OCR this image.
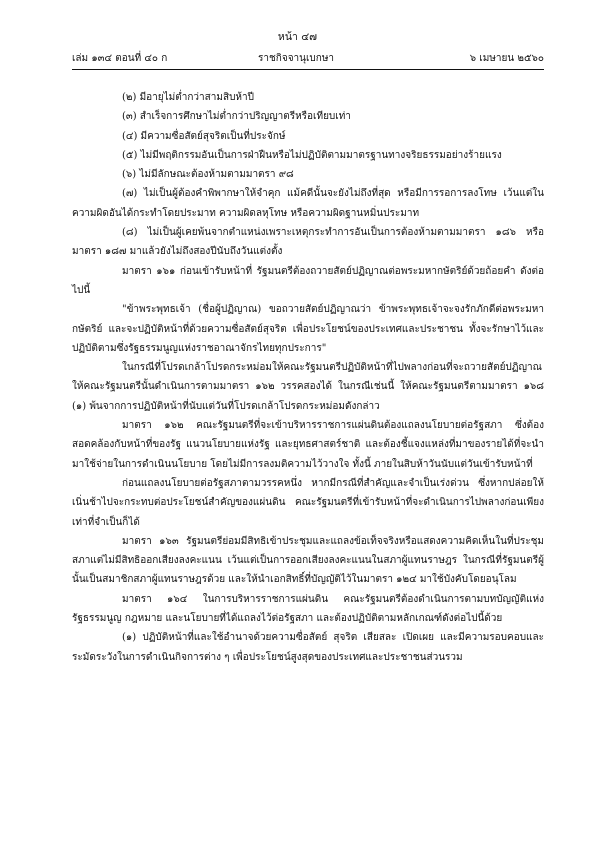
หน้า ๔๗
เล่ม ๑๓๔ ตอนที่ ๔๐ ก	ราชกิจจานุเบกษา	๖ เมษายน ๒๕๖๐

(๒) มีอายุไม่ต่ำกว่าสามสิบห้าปี

(๓) สำเร็จการศึกษาไม่ต่ำกว่าปริญญาตรีหรือเทียบเท่า

(๔) มีความซื่อสัตย์สุจริตเป็นที่ประจักษ์

(๕) ไม่มีพฤติกรรมอันเป็นการฝ่าฝืนหรือไม่ปฏิบัติตามมาตรฐานทางจริยธรรมอย่างร้ายแรง

(๖) ไม่มีลักษณะต้องห้ามตามมาตรา ๙๘

(๗) ไม่เป็นผู้ต้องคำพิพากษาให้จำคุก แม้คดีนั้นจะยังไม่ถึงที่สุด หรือมีการรอการลงโทษ เว้นแต่ในความผิดอันได้กระทำโดยประมาท ความผิดลหุโทษ หรือความผิดฐานหมิ่นประมาท

(๘) ไม่เป็นผู้เคยพ้นจากตำแหน่งเพราะเหตุกระทำการอันเป็นการต้องห้ามตามมาตรา ๑๘๖ หรือมาตรา ๑๘๗ มาแล้วยังไม่ถึงสองปีนับถึงวันแต่งตั้ง

มาตรา ๑๖๑ ก่อนเข้ารับหน้าที่ รัฐมนตรีต้องถวายสัตย์ปฏิญาณต่อพระมหากษัตริย์ด้วยถ้อยคำ ดังต่อไปนี้

"ข้าพระพุทธเจ้า (ชื่อผู้ปฏิญาณ) ขอถวายสัตย์ปฏิญาณว่า ข้าพระพุทธเจ้าจะจงรักภักดีต่อพระมหากษัตริย์ และจะปฏิบัติหน้าที่ด้วยความซื่อสัตย์สุจริต เพื่อประโยชน์ของประเทศและประชาชน ทั้งจะรักษาไว้และปฏิบัติตามซึ่งรัฐธรรมนูญแห่งราชอาณาจักรไทยทุกประการ"

ในกรณีที่โปรดเกล้าโปรดกระหม่อมให้คณะรัฐมนตรีปฏิบัติหน้าที่ไปพลางก่อนที่จะถวายสัตย์ปฏิญาณ ให้คณะรัฐมนตรีนั้นดำเนินการตามมาตรา ๑๖๒ วรรคสองได้ ในกรณีเช่นนี้ ให้คณะรัฐมนตรีตามมาตรา ๑๖๘ (๑) พ้นจากการปฏิบัติหน้าที่นับแต่วันที่โปรดเกล้าโปรดกระหม่อมดังกล่าว

มาตรา ๑๖๒ คณะรัฐมนตรีที่จะเข้าบริหารราชการแผ่นดินต้องแถลงนโยบายต่อรัฐสภา ซึ่งต้องสอดคล้องกับหน้าที่ของรัฐ แนวนโยบายแห่งรัฐ และยุทธศาสตร์ชาติ และต้องชี้แจงแหล่งที่มาของรายได้ที่จะนำมาใช้จ่ายในการดำเนินนโยบาย โดยไม่มีการลงมติความไว้วางใจ ทั้งนี้ ภายในสิบห้าวันนับแต่วันเข้ารับหน้าที่

ก่อนแถลงนโยบายต่อรัฐสภาตามวรรคหนึ่ง หากมีกรณีที่สำคัญและจำเป็นเร่งด่วน ซึ่งหากปล่อยให้เนิ่นช้าไปจะกระทบต่อประโยชน์สำคัญของแผ่นดิน คณะรัฐมนตรีที่เข้ารับหน้าที่จะดำเนินการไปพลางก่อนเพียงเท่าที่จำเป็นก็ได้

มาตรา ๑๖๓ รัฐมนตรีย่อมมีสิทธิเข้าประชุมและแถลงข้อเท็จจริงหรือแสดงความคิดเห็นในที่ประชุมสภาแต่ไม่มีสิทธิออกเสียงลงคะแนน เว้นแต่เป็นการออกเสียงลงคะแนนในสภาผู้แทนราษฎร ในกรณีที่รัฐมนตรีผู้นั้นเป็นสมาชิกสภาผู้แทนราษฎรด้วย และให้นำเอกสิทธิ์ที่บัญญัติไว้ในมาตรา ๑๒๔ มาใช้บังคับโดยอนุโลม

มาตรา ๑๖๔ ในการบริหารราชการแผ่นดิน คณะรัฐมนตรีต้องดำเนินการตามบทบัญญัติแห่งรัฐธรรมนูญ กฎหมาย และนโยบายที่ได้แถลงไว้ต่อรัฐสภา และต้องปฏิบัติตามหลักเกณฑ์ดังต่อไปนี้ด้วย

(๑) ปฏิบัติหน้าที่และใช้อำนาจด้วยความซื่อสัตย์ สุจริต เสียสละ เปิดเผย และมีความรอบคอบและระมัดระวังในการดำเนินกิจการต่าง ๆ เพื่อประโยชน์สูงสุดของประเทศและประชาชนส่วนรวม
